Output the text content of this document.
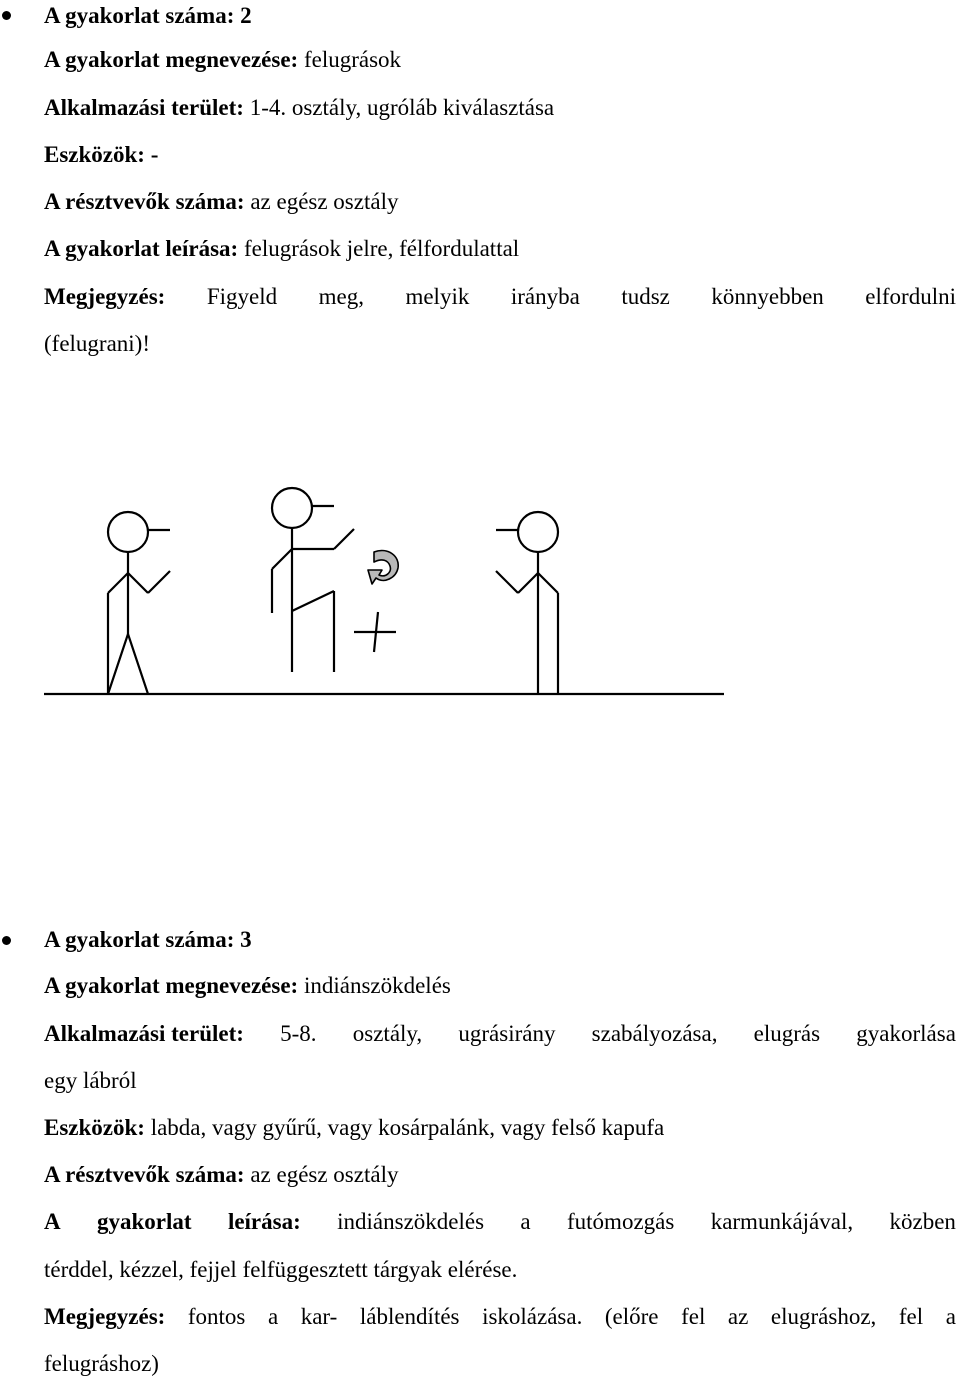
A gyakorlat száma: 2
A gyakorlat megnevezése: felugrások
Alkalmazási terület: 1-4. osztály, ugróláb kiválasztása
Eszközök: -
A résztvevők száma: az egész osztály
A gyakorlat leírása: felugrások jelre, félfordulattal
Megjegyzés: Figyeld meg, melyik irányba tudsz könnyebben elfordulni
(felugrani)!
A gyakorlat száma: 3
A gyakorlat megnevezése: indiánszökdelés
Alkalmazási terület: 5-8. osztály, ugrásirány szabályozása, elugrás gyakorlása
egy lábról
Eszközök: labda, vagy gyűrű, vagy kosárpalánk, vagy felső kapufa
A résztvevők száma: az egész osztály
A gyakorlat leírása: indiánszökdelés a futómozgás karmunkájával, közben
térddel, kézzel, fejjel felfüggesztett tárgyak elérése.
Megjegyzés: fontos a kar- láblendítés iskolázása. (előre fel az elugráshoz, fel a
felugráshoz)
